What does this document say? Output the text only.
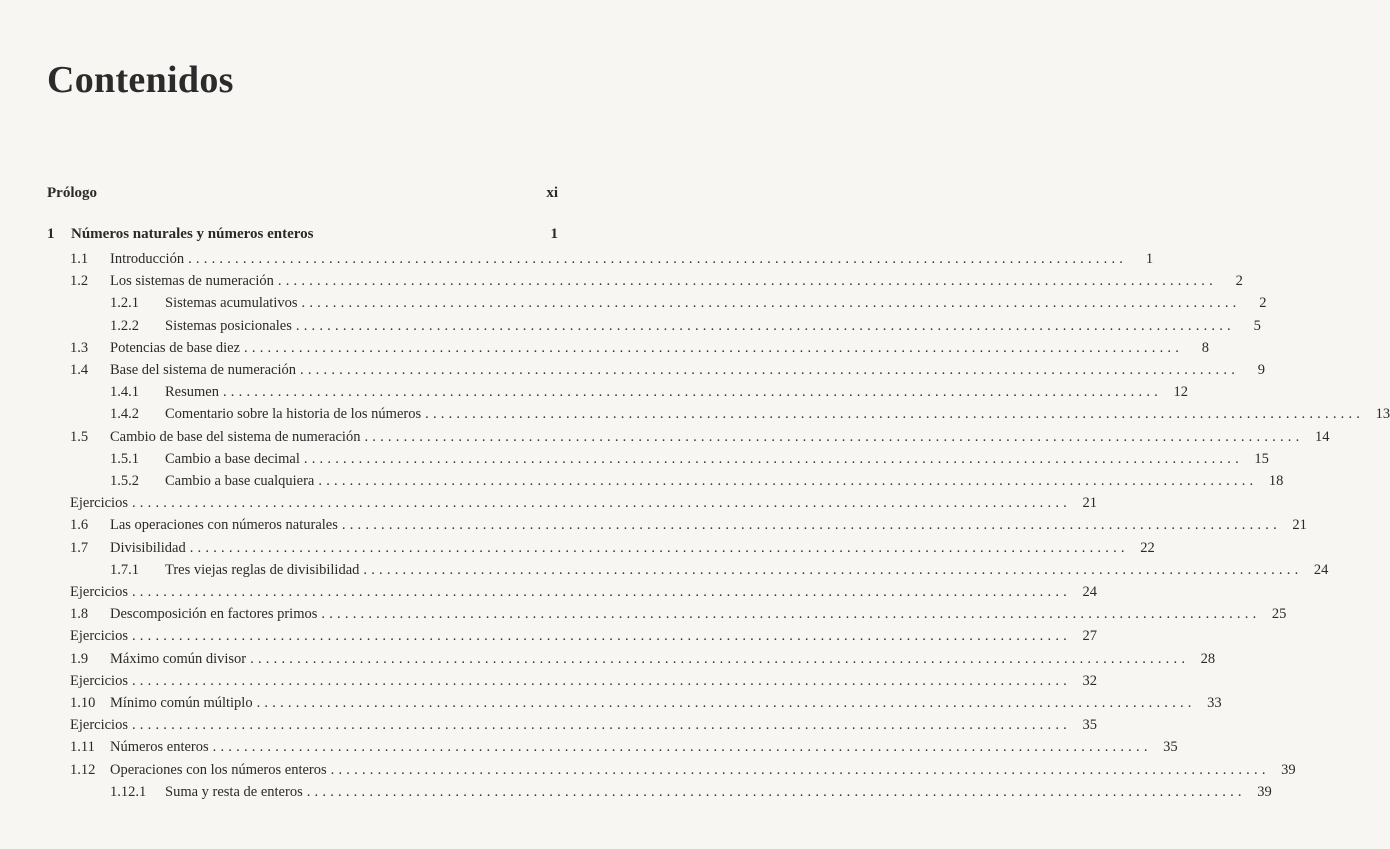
Contenidos
Prólogo	xi
1 Números naturales y números enteros	1
1.1	Introducción ........................................................................................................................	1
1.2	Los sistemas de numeración ........................................................................................................................	2
1.2.1	Sistemas acumulativos ........................................................................................................................	2
1.2.2	Sistemas posicionales ........................................................................................................................	5
1.3	Potencias de base diez ........................................................................................................................	8
1.4	Base del sistema de numeración ........................................................................................................................	9
1.4.1	Resumen ........................................................................................................................ 12
1.4.2	Comentario sobre la historia de los números ........................................................................................................................ 13
1.5	Cambio de base del sistema de numeración ........................................................................................................................ 14
1.5.1	Cambio a base decimal ........................................................................................................................ 15
1.5.2	Cambio a base cualquiera ........................................................................................................................ 18
Ejercicios ........................................................................................................................ 21
1.6	Las operaciones con números naturales ........................................................................................................................ 21
1.7	Divisibilidad ........................................................................................................................ 22
1.7.1	Tres viejas reglas de divisibilidad ........................................................................................................................ 24
Ejercicios ........................................................................................................................ 24
1.8	Descomposición en factores primos ........................................................................................................................ 25
Ejercicios ........................................................................................................................ 27
1.9	Máximo común divisor ........................................................................................................................ 28
Ejercicios ........................................................................................................................ 32
1.10	Mínimo común múltiplo ........................................................................................................................ 33
Ejercicios ........................................................................................................................ 35
1.11	Números enteros ........................................................................................................................ 35
1.12	Operaciones con los números enteros ........................................................................................................................ 39
1.12.1	Suma y resta de enteros ........................................................................................................................ 39
